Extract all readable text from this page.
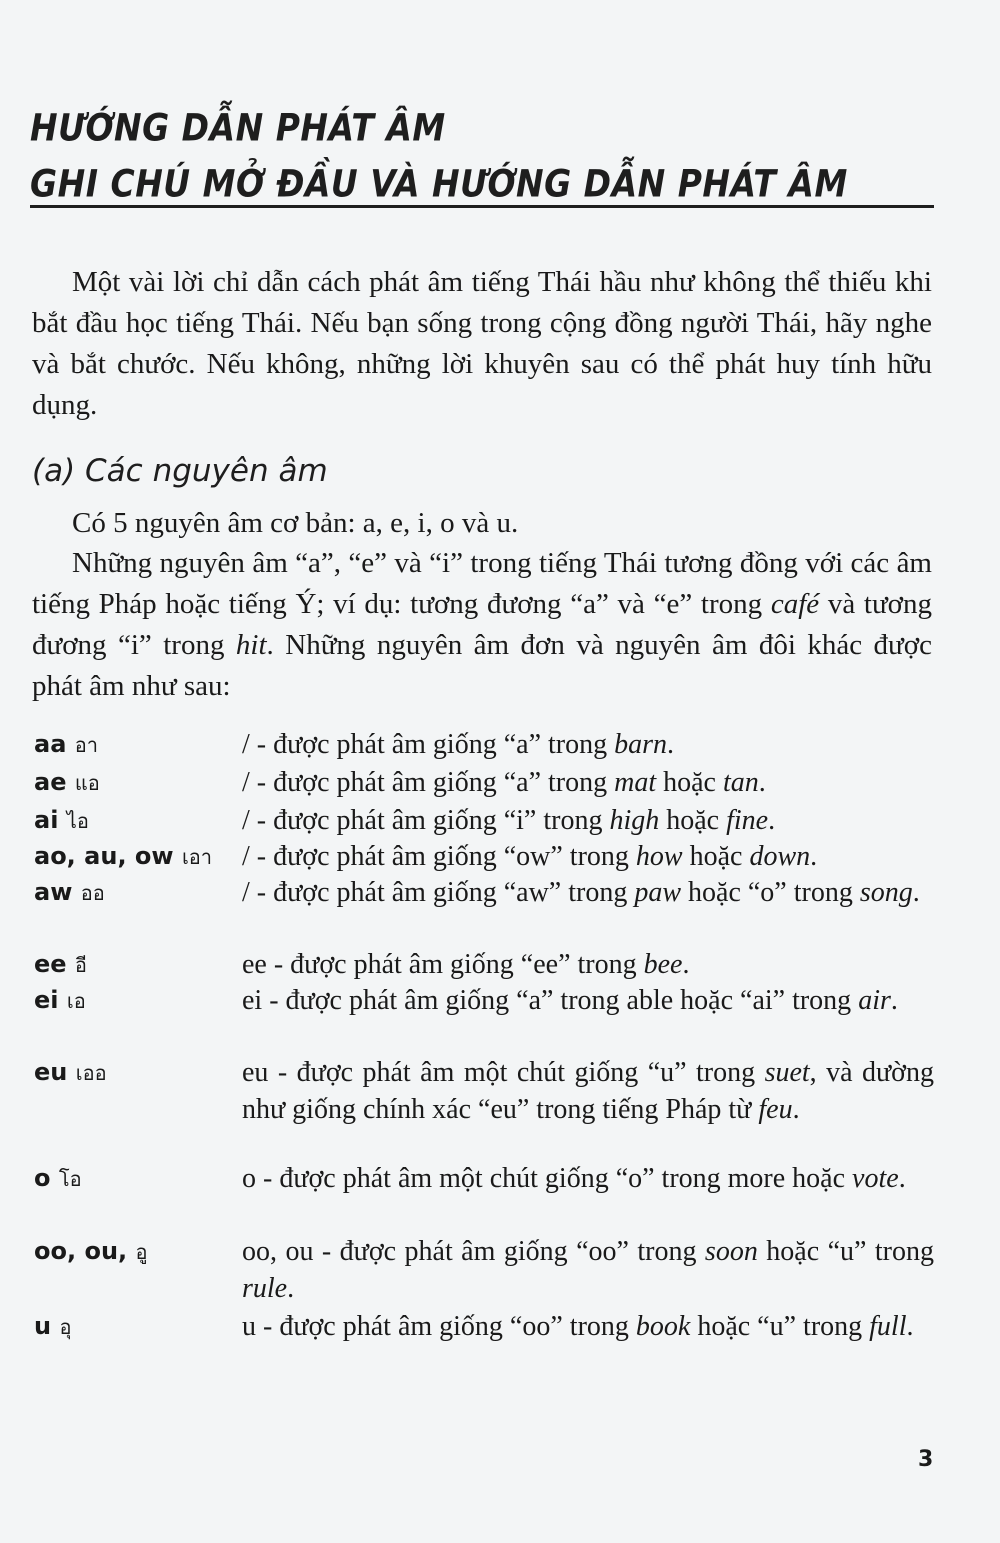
HƯỚNG DẪN PHÁT ÂM
GHI CHÚ MỞ ĐẦU VÀ HƯỚNG DẪN PHÁT ÂM

Một vài lời chỉ dẫn cách phát âm tiếng Thái hầu như không thể thiếu khi bắt đầu học tiếng Thái. Nếu bạn sống trong cộng đồng người Thái, hãy nghe và bắt chước. Nếu không, những lời khuyên sau có thể phát huy tính hữu dụng.

(a) Các nguyên âm

Có 5 nguyên âm cơ bản: a, e, i, o và u.

Những nguyên âm “a”, “e” và “i” trong tiếng Thái tương đồng với các âm tiếng Pháp hoặc tiếng Ý; ví dụ: tương đương “a” và “e” trong café và tương đương “i” trong hit. Những nguyên âm đơn và nguyên âm đôi khác được phát âm như sau:

aa อา	/ - được phát âm giống “a” trong barn.

ae แอ	/ - được phát âm giống “a” trong mat hoặc tan.

ai ไอ	/ - được phát âm giống “i” trong high hoặc fine.

ao, au, ow เอา / - được phát âm giống “ow” trong how hoặc down.

aw ออ	/ - được phát âm giống “aw” trong paw hoặc “o” trong song.

ee อี	ee - được phát âm giống “ee” trong bee.

ei เอ	ei - được phát âm giống “a” trong able hoặc “ai” trong air.

eu เออ	eu - được phát âm một chút giống “u” trong suet, và dường như giống chính xác “eu” trong tiếng Pháp từ feu.

o โอ	o - được phát âm một chút giống “o” trong more hoặc vote.

oo, ou, อู	oo, ou - được phát âm giống “oo” trong soon hoặc “u” trong rule.

u อุ	u - được phát âm giống “oo” trong book hoặc “u” trong full.

3
